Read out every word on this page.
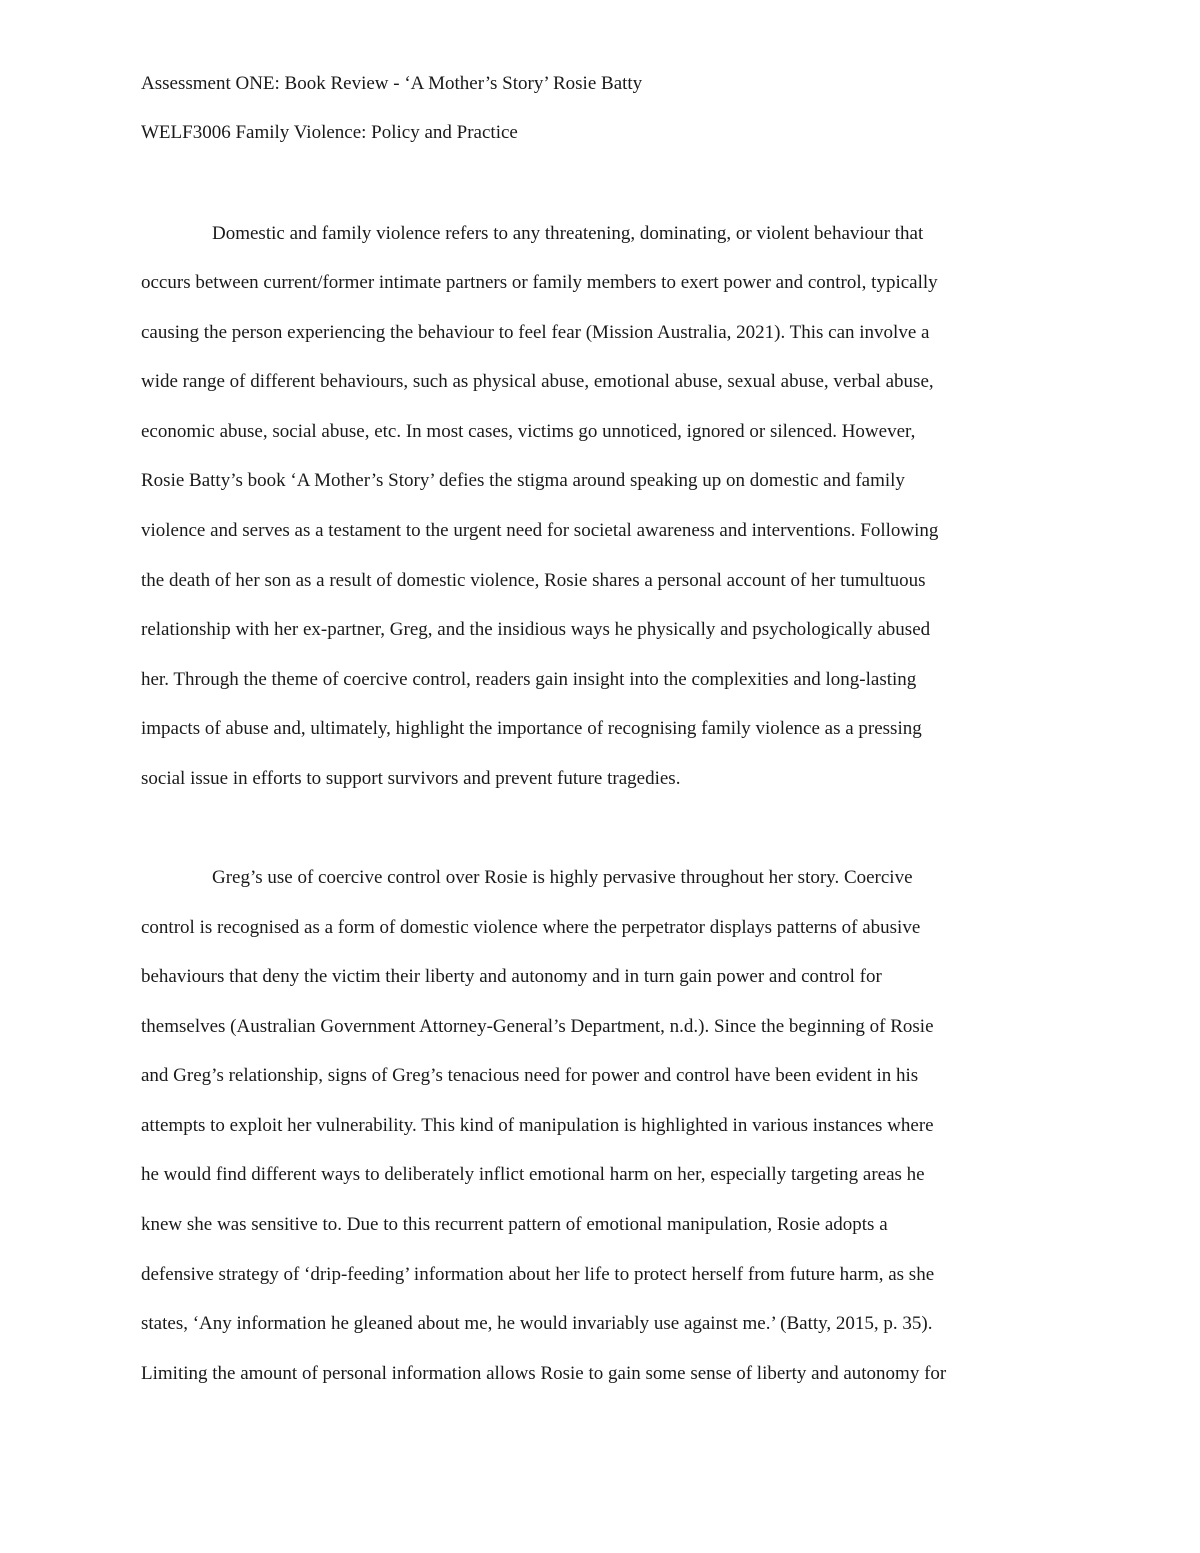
Assessment ONE: Book Review - ‘A Mother’s Story’ Rosie Batty
WELF3006 Family Violence: Policy and Practice
Domestic and family violence refers to any threatening, dominating, or violent behaviour that
occurs between current/former intimate partners or family members to exert power and control, typically
causing the person experiencing the behaviour to feel fear (Mission Australia, 2021). This can involve a
wide range of different behaviours, such as physical abuse, emotional abuse, sexual abuse, verbal abuse,
economic abuse, social abuse, etc. In most cases, victims go unnoticed, ignored or silenced. However,
Rosie Batty’s book ‘A Mother’s Story’ defies the stigma around speaking up on domestic and family
violence and serves as a testament to the urgent need for societal awareness and interventions. Following
the death of her son as a result of domestic violence, Rosie shares a personal account of her tumultuous
relationship with her ex-partner, Greg, and the insidious ways he physically and psychologically abused
her. Through the theme of coercive control, readers gain insight into the complexities and long-lasting
impacts of abuse and, ultimately, highlight the importance of recognising family violence as a pressing
social issue in efforts to support survivors and prevent future tragedies.
Greg’s use of coercive control over Rosie is highly pervasive throughout her story. Coercive
control is recognised as a form of domestic violence where the perpetrator displays patterns of abusive
behaviours that deny the victim their liberty and autonomy and in turn gain power and control for
themselves (Australian Government Attorney-General’s Department, n.d.). Since the beginning of Rosie
and Greg’s relationship, signs of Greg’s tenacious need for power and control have been evident in his
attempts to exploit her vulnerability. This kind of manipulation is highlighted in various instances where
he would find different ways to deliberately inflict emotional harm on her, especially targeting areas he
knew she was sensitive to. Due to this recurrent pattern of emotional manipulation, Rosie adopts a
defensive strategy of ‘drip-feeding’ information about her life to protect herself from future harm, as she
states, ‘Any information he gleaned about me, he would invariably use against me.’ (Batty, 2015, p. 35).
Limiting the amount of personal information allows Rosie to gain some sense of liberty and autonomy for
